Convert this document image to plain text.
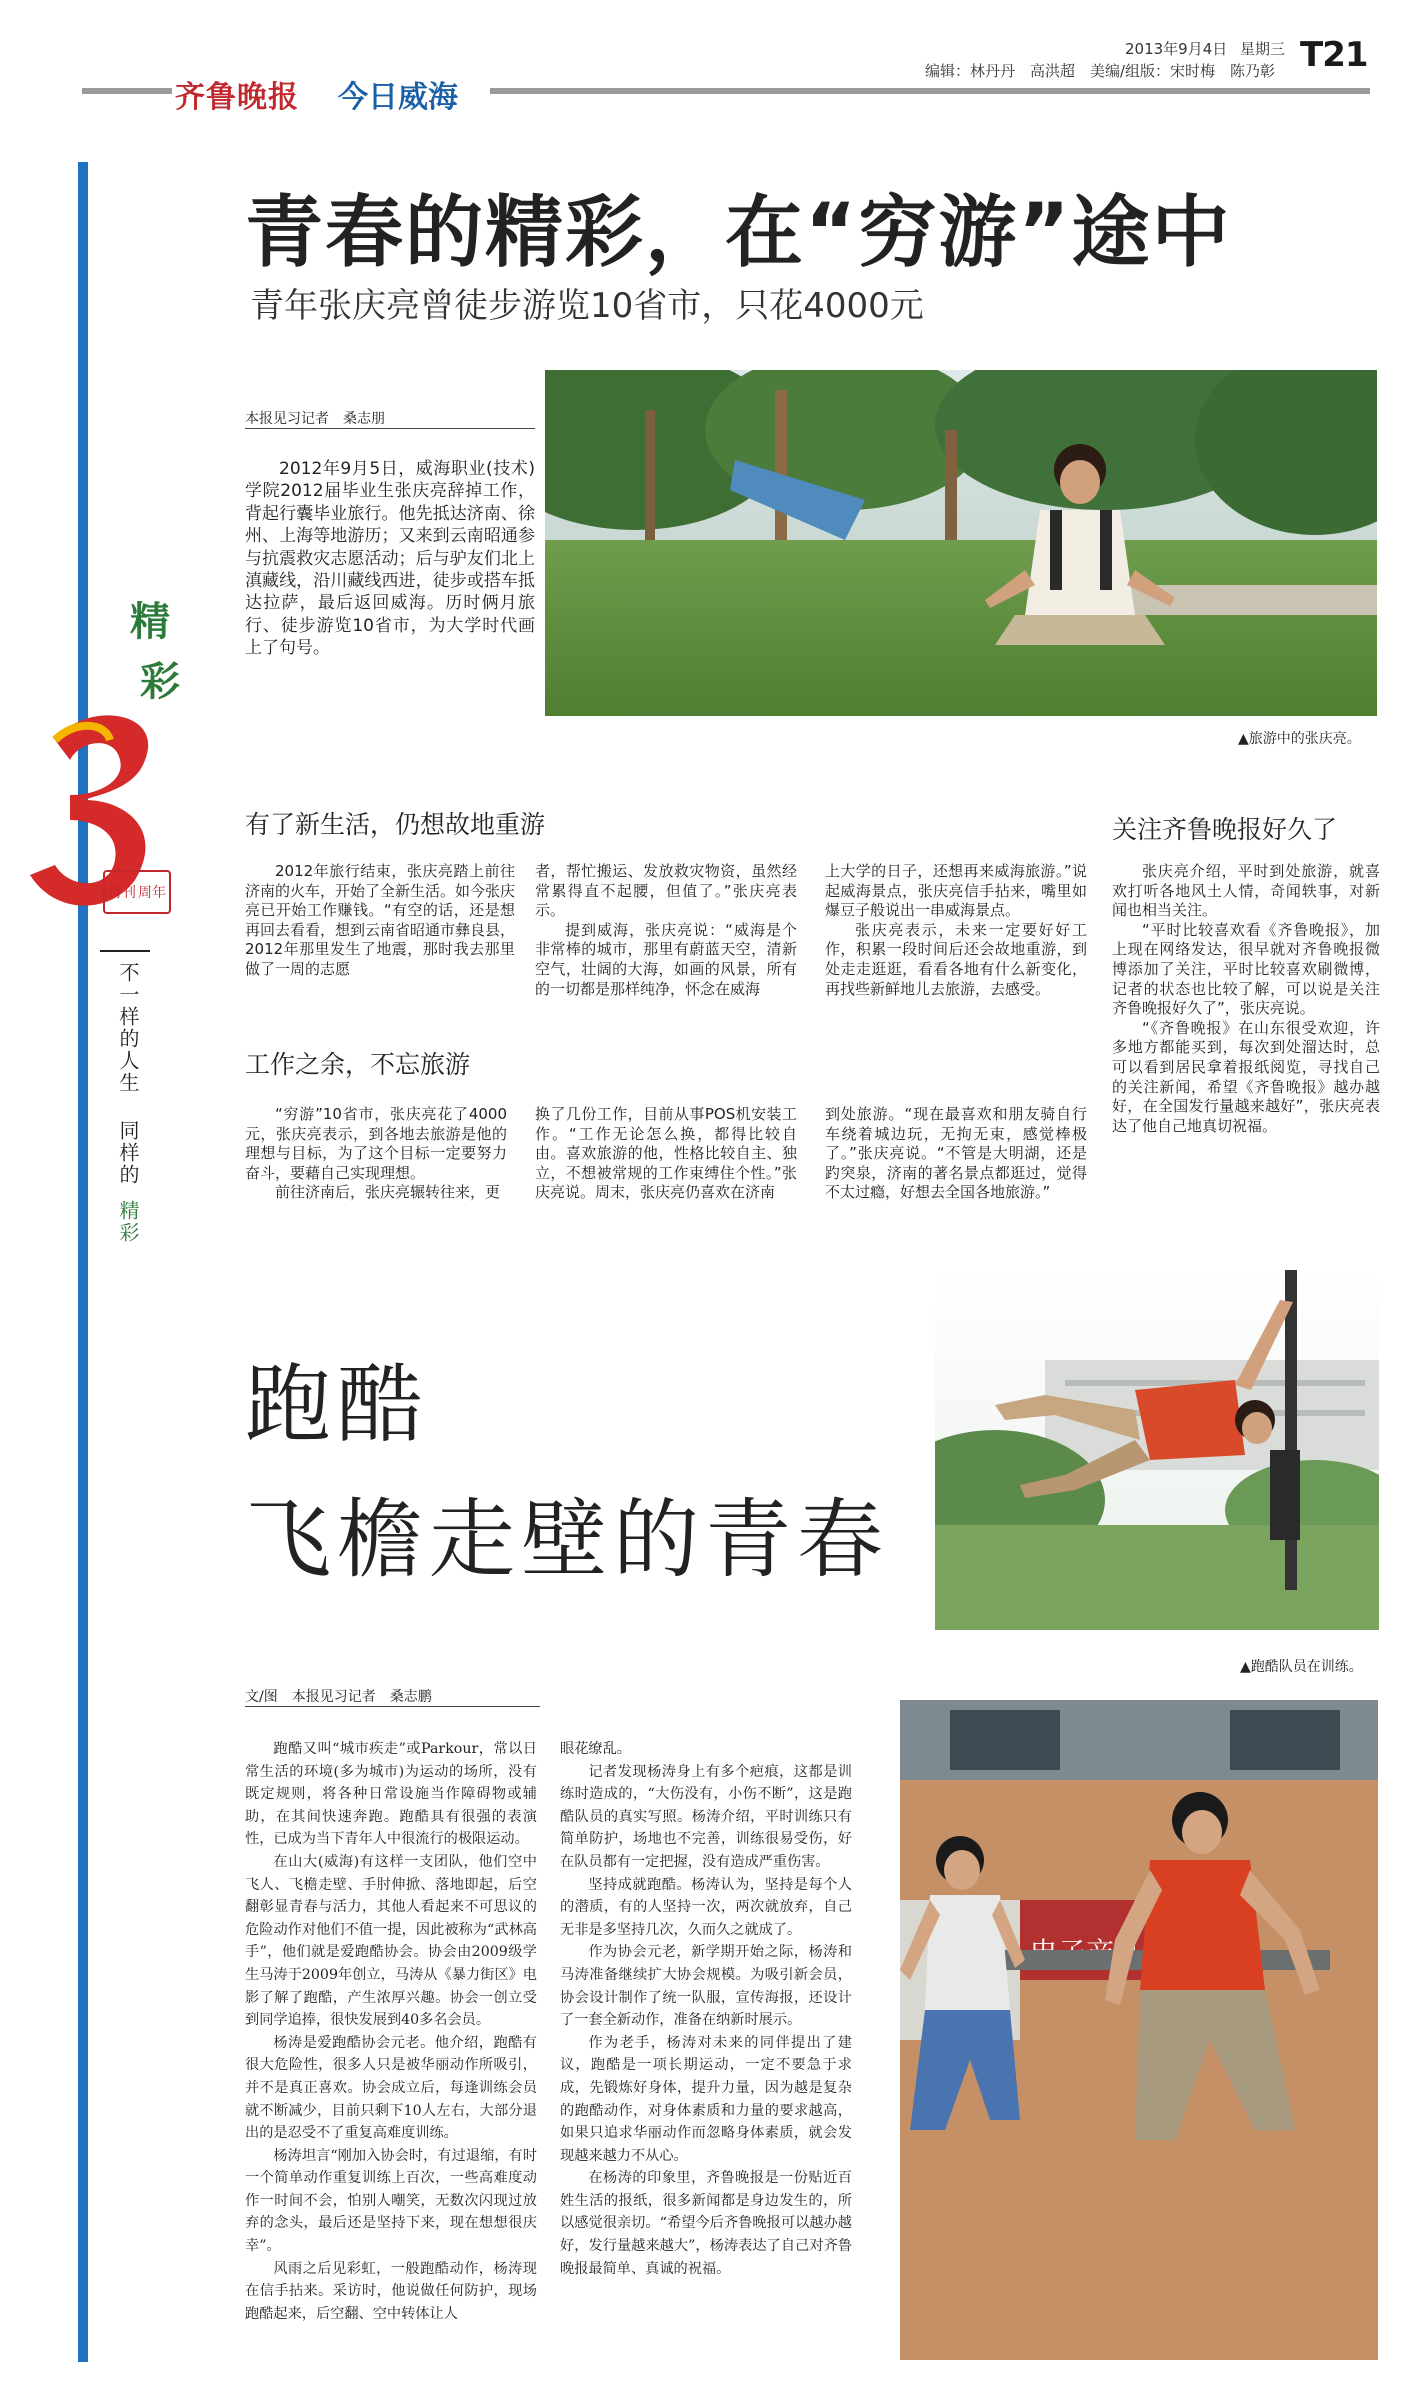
齐鲁晚报 今日威海
2013年9月4日 星期三
编辑：林丹丹　高洪超　美编/组版：宋时梅　陈乃彰 T21
精
彩
特刊 周年
不一样的人生
同样的
精彩
青春的精彩，在“穷游”途中
青年张庆亮曾徒步游览10省市，只花4000元
本报见习记者　桑志朋

2012年9月5日，威海职业(技术)学院2012届毕业生张庆亮辞掉工作，背起行囊毕业旅行。他先抵达济南、徐州、上海等地游历；又来到云南昭通参与抗震救灾志愿活动；后与驴友们北上滇藏线，沿川藏线西进，徒步或搭车抵达拉萨，最后返回威海。历时俩月旅行、徒步游览10省市，为大学时代画上了句号。

▲旅游中的张庆亮。
有了新生活，仍想故地重游
工作之余，不忘旅游
关注齐鲁晚报好久了

2012年旅行结束，张庆亮踏上前往济南的火车，开始了全新生活。如今张庆亮已开始工作赚钱。“有空的话，还是想再回去看看，想到云南省昭通市彝良县，2012年那里发生了地震，那时我去那里做了一周的志愿

者，帮忙搬运、发放救灾物资，虽然经常累得直不起腰，但值了。”张庆亮表示。

提到威海，张庆亮说：“威海是个非常棒的城市，那里有蔚蓝天空，清新空气，壮阔的大海，如画的风景，所有的一切都是那样纯净，怀念在威海

上大学的日子，还想再来威海旅游。”说起威海景点，张庆亮信手拈来，嘴里如爆豆子般说出一串威海景点。

张庆亮表示，未来一定要好好工作，积累一段时间后还会故地重游，到处走走逛逛，看看各地有什么新变化，再找些新鲜地儿去旅游，去感受。

“穷游”10省市，张庆亮花了4000元，张庆亮表示，到各地去旅游是他的理想与目标，为了这个目标一定要努力奋斗，要藉自己实现理想。

前往济南后，张庆亮辗转往来，更

换了几份工作，目前从事POS机安装工作。“工作无论怎么换，都得比较自由。喜欢旅游的他，性格比较自主、独立，不想被常规的工作束缚住个性。”张庆亮说。周末，张庆亮仍喜欢在济南

到处旅游。“现在最喜欢和朋友骑自行车绕着城边玩，无拘无束，感觉棒极了。”张庆亮说。“不管是大明湖，还是趵突泉，济南的著名景点都逛过，觉得不太过瘾，好想去全国各地旅游。”

张庆亮介绍，平时到处旅游，就喜欢打听各地风土人情，奇闻轶事，对新闻也相当关注。

“平时比较喜欢看《齐鲁晚报》，加上现在网络发达，很早就对齐鲁晚报微博添加了关注，平时比较喜欢刷微博，记者的状态也比较了解，可以说是关注齐鲁晚报好久了”，张庆亮说。

“《齐鲁晚报》在山东很受欢迎，许多地方都能买到，每次到处溜达时，总可以看到居民拿着报纸阅览，寻找自己的关注新闻，希望《齐鲁晚报》越办越好，在全国发行量越来越好”，张庆亮表达了他自己地真切祝福。

跑酷
飞檐走壁的青春
▲跑酷队员在训练。
文/图　本报见习记者　桑志鹏

跑酷又叫“城市疾走”或Parkour，常以日常生活的环境(多为城市)为运动的场所，没有既定规则，将各种日常设施当作障碍物或辅助，在其间快速奔跑。跑酷具有很强的表演性，已成为当下青年人中很流行的极限运动。

在山大(威海)有这样一支团队，他们空中飞人、飞檐走壁、手肘伸掀、落地即起，后空翻彰显青春与活力，其他人看起来不可思议的危险动作对他们不值一提，因此被称为“武林高手”，他们就是爱跑酷协会。协会由2009级学生马涛于2009年创立，马涛从《暴力街区》电影了解了跑酷，产生浓厚兴趣。协会一创立受到同学追捧，很快发展到40多名会员。

杨涛是爱跑酷协会元老。他介绍，跑酷有很大危险性，很多人只是被华丽动作所吸引，并不是真正喜欢。协会成立后，每逢训练会员就不断减少，目前只剩下10人左右，大部分退出的是忍受不了重复高难度训练。

杨涛坦言“刚加入协会时，有过退缩，有时一个简单动作重复训练上百次，一些高难度动作一时间不会，怕别人嘲笑，无数次闪现过放弃的念头，最后还是坚持下来，现在想想很庆幸”。

风雨之后见彩虹，一般跑酷动作，杨涛现在信手拈来。采访时，他说做任何防护，现场跑酷起来，后空翻、空中转体让人

眼花缭乱。

记者发现杨涛身上有多个疤痕，这都是训练时造成的，“大伤没有，小伤不断”，这是跑酷队员的真实写照。杨涛介绍，平时训练只有简单防护，场地也不完善，训练很易受伤，好在队员都有一定把握，没有造成严重伤害。

坚持成就跑酷。杨涛认为，坚持是每个人的潜质，有的人坚持一次，两次就放弃，自己无非是多坚持几次，久而久之就成了。

作为协会元老，新学期开始之际，杨涛和马涛准备继续扩大协会规模。为吸引新会员，协会设计制作了统一队服，宣传海报，还设计了一套全新动作，准备在纳新时展示。

作为老手，杨涛对未来的同伴提出了建议，跑酷是一项长期运动，一定不要急于求成，先锻炼好身体，提升力量，因为越是复杂的跑酷动作，对身体素质和力量的要求越高，如果只追求华丽动作而忽略身体素质，就会发现越来越力不从心。

在杨涛的印象里，齐鲁晚报是一份贴近百姓生活的报纸，很多新闻都是身边发生的，所以感觉很亲切。“希望今后齐鲁晚报可以越办越好，发行量越来越大”，杨涛表达了自己对齐鲁晚报最简单、真诚的祝福。
